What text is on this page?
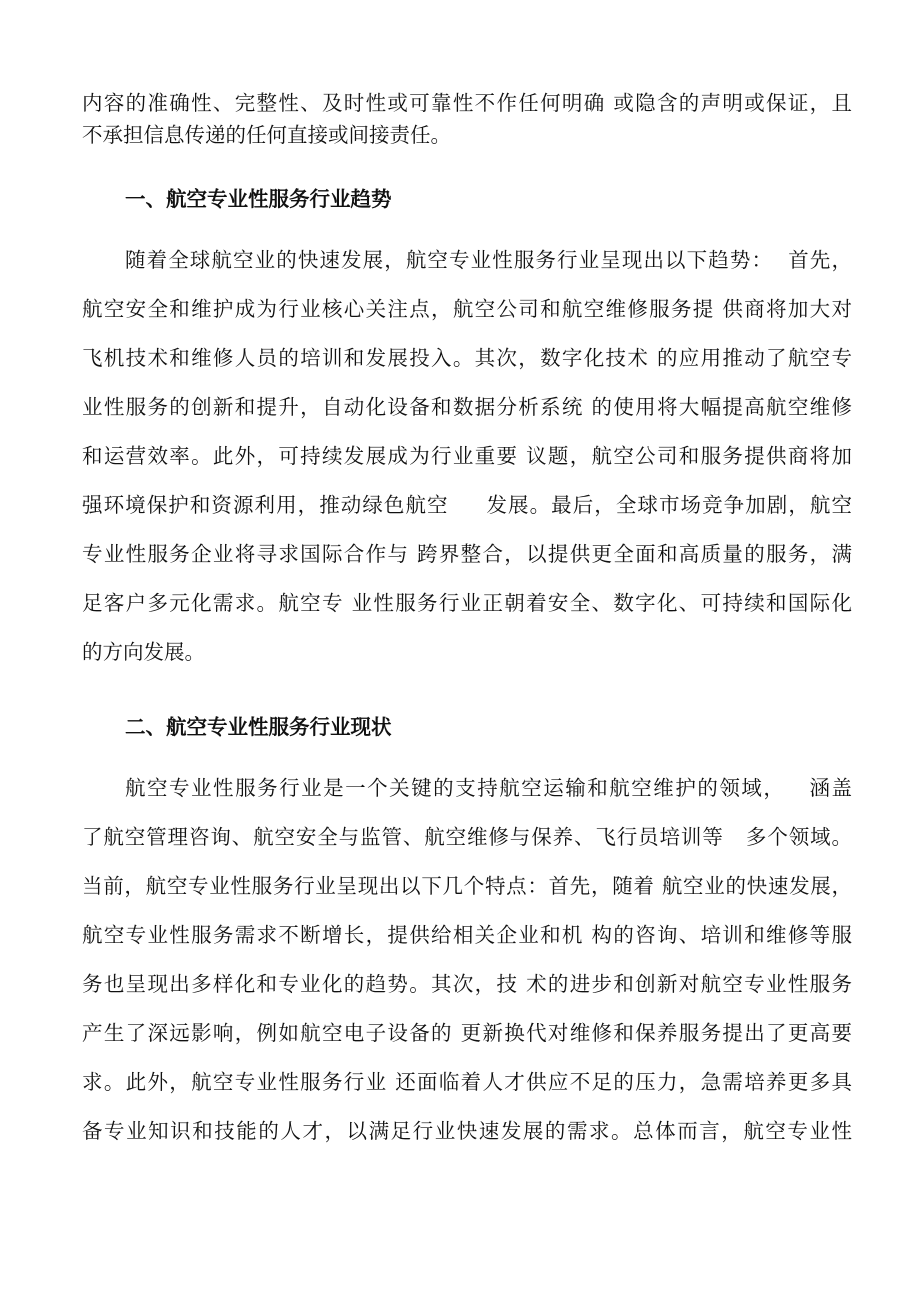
内容的准确性、完整性、及时性或可靠性不作任何明确 或隐含的声明或保证，且
不承担信息传递的任何直接或间接责任。
一、航空专业性服务行业趋势
随着全球航空业的快速发展，航空专业性服务行业呈现出以下趋势：  首先，
航空安全和维护成为行业核心关注点，航空公司和航空维修服务提 供商将加大对
飞机技术和维修人员的培训和发展投入。其次，数字化技术 的应用推动了航空专
业性服务的创新和提升，自动化设备和数据分析系统 的使用将大幅提高航空维修
和运营效率。此外，可持续发展成为行业重要 议题，航空公司和服务提供商将加
强环境保护和资源利用，推动绿色航空     发展。最后，全球市场竞争加剧，航空
专业性服务企业将寻求国际合作与 跨界整合，以提供更全面和高质量的服务，满
足客户多元化需求。航空专 业性服务行业正朝着安全、数字化、可持续和国际化
的方向发展。
二、航空专业性服务行业现状
航空专业性服务行业是一个关键的支持航空运输和航空维护的领域，   涵盖
了航空管理咨询、航空安全与监管、航空维修与保养、飞行员培训等   多个领域。
当前，航空专业性服务行业呈现出以下几个特点：首先，随着 航空业的快速发展，
航空专业性服务需求不断增长，提供给相关企业和机 构的咨询、培训和维修等服
务也呈现出多样化和专业化的趋势。其次，技 术的进步和创新对航空专业性服务
产生了深远影响，例如航空电子设备的 更新换代对维修和保养服务提出了更高要
求。此外，航空专业性服务行业 还面临着人才供应不足的压力，急需培养更多具
备专业知识和技能的人才，以满足行业快速发展的需求。总体而言，航空专业性
